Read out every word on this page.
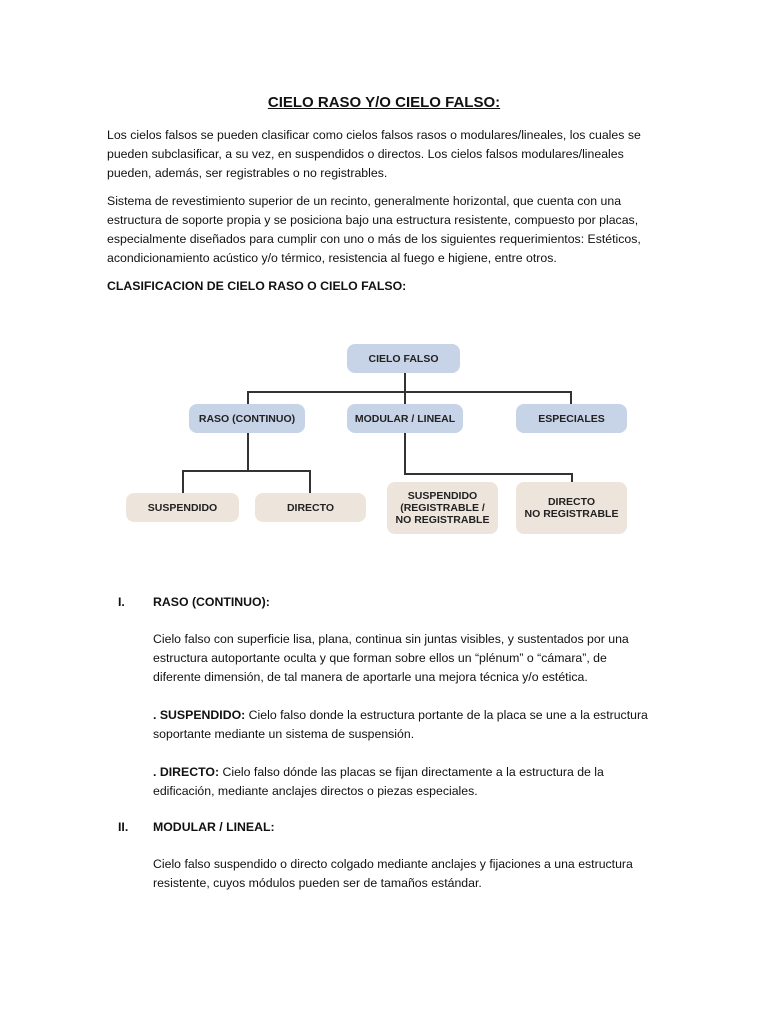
CIELO RASO Y/O CIELO FALSO:

Los cielos falsos se pueden clasificar como cielos falsos rasos o modulares/lineales, los cuales se pueden subclasificar, a su vez, en suspendidos o directos. Los cielos falsos modulares/lineales pueden, además, ser registrables o no registrables.

Sistema de revestimiento superior de un recinto, generalmente horizontal, que cuenta con una estructura de soporte propia y se posiciona bajo una estructura resistente, compuesto por placas, especialmente diseñados para cumplir con uno o más de los siguientes requerimientos: Estéticos, acondicionamiento acústico y/o térmico, resistencia al fuego e higiene, entre otros.

CLASIFICACION DE CIELO RASO O CIELO FALSO:
CIELO FALSO
RASO (CONTINUO)	MODULAR / LINEAL	ESPECIALES
SUSPENDIDO	DIRECTO
SUSPENDIDO
(REGISTRABLE /
NO REGISTRABLE
DIRECTO
NO REGISTRABLE
I. RASO (CONTINUO):

Cielo falso con superficie lisa, plana, continua sin juntas visibles, y sustentados por una estructura autoportante oculta y que forman sobre ellos un “plénum” o “cámara”, de diferente dimensión, de tal manera de aportarle una mejora técnica y/o estética.

. SUSPENDIDO: Cielo falso donde la estructura portante de la placa se une a la estructura soportante mediante un sistema de suspensión.

. DIRECTO: Cielo falso dónde las placas se fijan directamente a la estructura de la edificación, mediante anclajes directos o piezas especiales.

II. MODULAR / LINEAL:

Cielo falso suspendido o directo colgado mediante anclajes y fijaciones a una estructura resistente, cuyos módulos pueden ser de tamaños estándar.
